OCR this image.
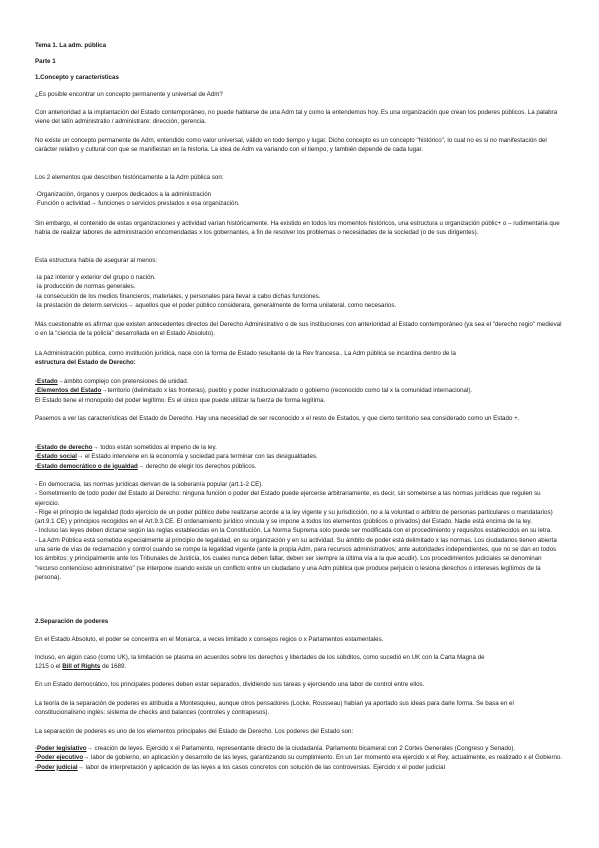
Tema 1. La adm. pública

Parte 1

1.Concepto y características

¿Es posible encontrar un concepto permanente y universal de Adm?

Con anterioridad a la implantación del Estado contemporáneo, no puede hablarse de una Adm tal y como la entendemos hoy. Es una organización que crean los poderes públicos. La palabra viene del latín administratio / administrare: dirección, gerencia.

No existe un concepto permanente de Adm, entendido como valor universal, válido en todo tiempo y lugar. Dicho concepto es un concepto "histórico", lo cual no es si no manifestación del carácter relativo y cultural con que se manifiestan en la historia. La idea de Adm va variando con el tiempo, y también depende de cada lugar.

Los 2 elementos que describen históricamente a la Adm pública son:

·Organización, órganos y cuerpos dedicados a la administración
·Función o actividad→ funciones o servicios prestados x esa organización.

Sin embargo, el contenido de estas organizaciones y actividad varían históricamente. Ha existido en todos los momentos históricos, una estructura u organización públic+ o – rudimentaria que había de realizar labores de administración encomendadas x los gobernantes, a fin de resolver los problemas o necesidades de la sociedad (o de sus dirigentes).

Esta estructura había de asegurar al menos:

·la paz interior y exterior del grupo o nación.
·la producción de normas generales.
·la consecución de los medios financieros, materiales, y personales para llevar a cabo dichas funciones.
·la prestación de determ.servicios→ aquellos que el poder público considerara, generalmente de forma unilateral, como necesarios.

Más cuestionable es afirmar que existen antecedentes directos del Derecho Administrativo o de sus instituciones con anterioridad al Estado contemporáneo (ya sea el "derecho regio" medieval o en la "ciencia de la policía" desarrollada en el Estado Absoluto).

La Administración pública, como institución jurídica, nace con la forma de Estado resultante de la Rev francesa.. La Adm pública se incardina dentro de la
estructura del Estado de Derecho:
·Estado→ámbito complejo con pretensiones de unidad.
·Elementos del Estado→territorio (delimitado x las fronteras), pueblo y poder institucionalizado o gobierno (reconocido como tal x la comunidad internacional).
El Estado tiene el monopolio del poder legítimo. Es el único que puede utilizar la fuerza de forma legítima.

Pasemos a ver las características del Estado de Derecho. Hay una necesidad de ser reconocido x el resto de Estados, y que cierto territorio sea considerado como un Estado +.

·Estado de derecho→ todos están sometidos al imperio de la ley.
·Estado social→ el Estado interviene en la economía y sociedad para terminar con las desigualdades.
·Estado democrático o de igualdad→ derecho de elegir los derechos públicos.
- En democracia, las normas jurídicas derivan de la soberanía popular (art.1-2 CE).
- Sometimiento de todo poder del Estado al Derecho: ninguna función o poder del Estado puede ejercerse arbitrariamente, es decir, sin someterse a las normas jurídicas que regulen su ejercicio.
- Rige el principio de legalidad (todo ejercicio de un poder público debe realizarse acorde a la ley vigente y su jurisdicción, no a la voluntad o arbitrio de personas particulares o mandatarios) (art.9.1 CE) y principios recogidos en el Art.9.3.CE. El ordenamiento jurídico vincula y se impone a todos los elementos (públicos o privados) del Estado. Nadie está encima de la ley.
- Incluso las leyes deben dictarse según las reglas establecidas en la Constitución. La Norma Suprema solo puede ser modificada con el procedimiento y requisitos establecidos en su letra.
- La Adm Pública está sometida especialmente al principio de legalidad, en su organización y en su actividad. Su ámbito de poder está delimitado x las normas. Los ciudadanos tienen abierta una serie de vías de reclamación y control cuando se rompe la legalidad vigente (ante la propia Adm, para recursos administrativos; ante autoridades independientes, que no se dan en todos los ámbitos; y principalmente ante los Tribunales de Justicia, los cuales nunca deben faltar, deben ser siempre la última vía a la que acudir). Los procedimientos judiciales se denominan "recurso contencioso administrativo" (se interpone cuando existe un conflicto entre un ciudadano y una Adm pública que produce perjuicio o lesiona derechos o intereses legítimos de la persona).

2.Separación de poderes

En el Estado Absoluto, el poder se concentra en el Monarca, a veces limitado x consejos regios o x Parlamentos estamentales.

Incluso, en algún caso (como UK), la limitación se plasma en acuerdos sobre los derechos y libertades de los súbditos, como sucedió en UK con la Carta Magna de
1215 o el Bill of Rights de 1689.

En un Estado democrático, los principales poderes deben estar separados, dividiendo sus tareas y ejerciendo una labor de control entre ellos.

La teoría de la separación de poderes es atribuida a Montesquieu, aunque otros pensadores (Locke, Rousseau) habían ya aportado sus ideas para darle forma. Se basa en el constitucionalismo inglés: sistema de checks and balances (controles y contrapesos).

La separación de poderes es uno de los elementos principales del Estado de Derecho. Los poderes del Estado son:

·Poder legislativo→ creación de leyes. Ejercido x el Parlamento, representante directo de la ciudadanía. Parlamento bicameral con 2 Cortes Generales (Congreso y Senado).
·Poder ejecutivo→ labor de gobierno, en aplicación y desarrollo de las leyes, garantizando su cumplimiento. En un 1er momento era ejercido x el Rey, actualmente, es realizado x el Gobierno.
·Poder judicial→ labor de interpretación y aplicación de las leyes a los casos concretos con solución de las controversias. Ejercido x el poder judicial
